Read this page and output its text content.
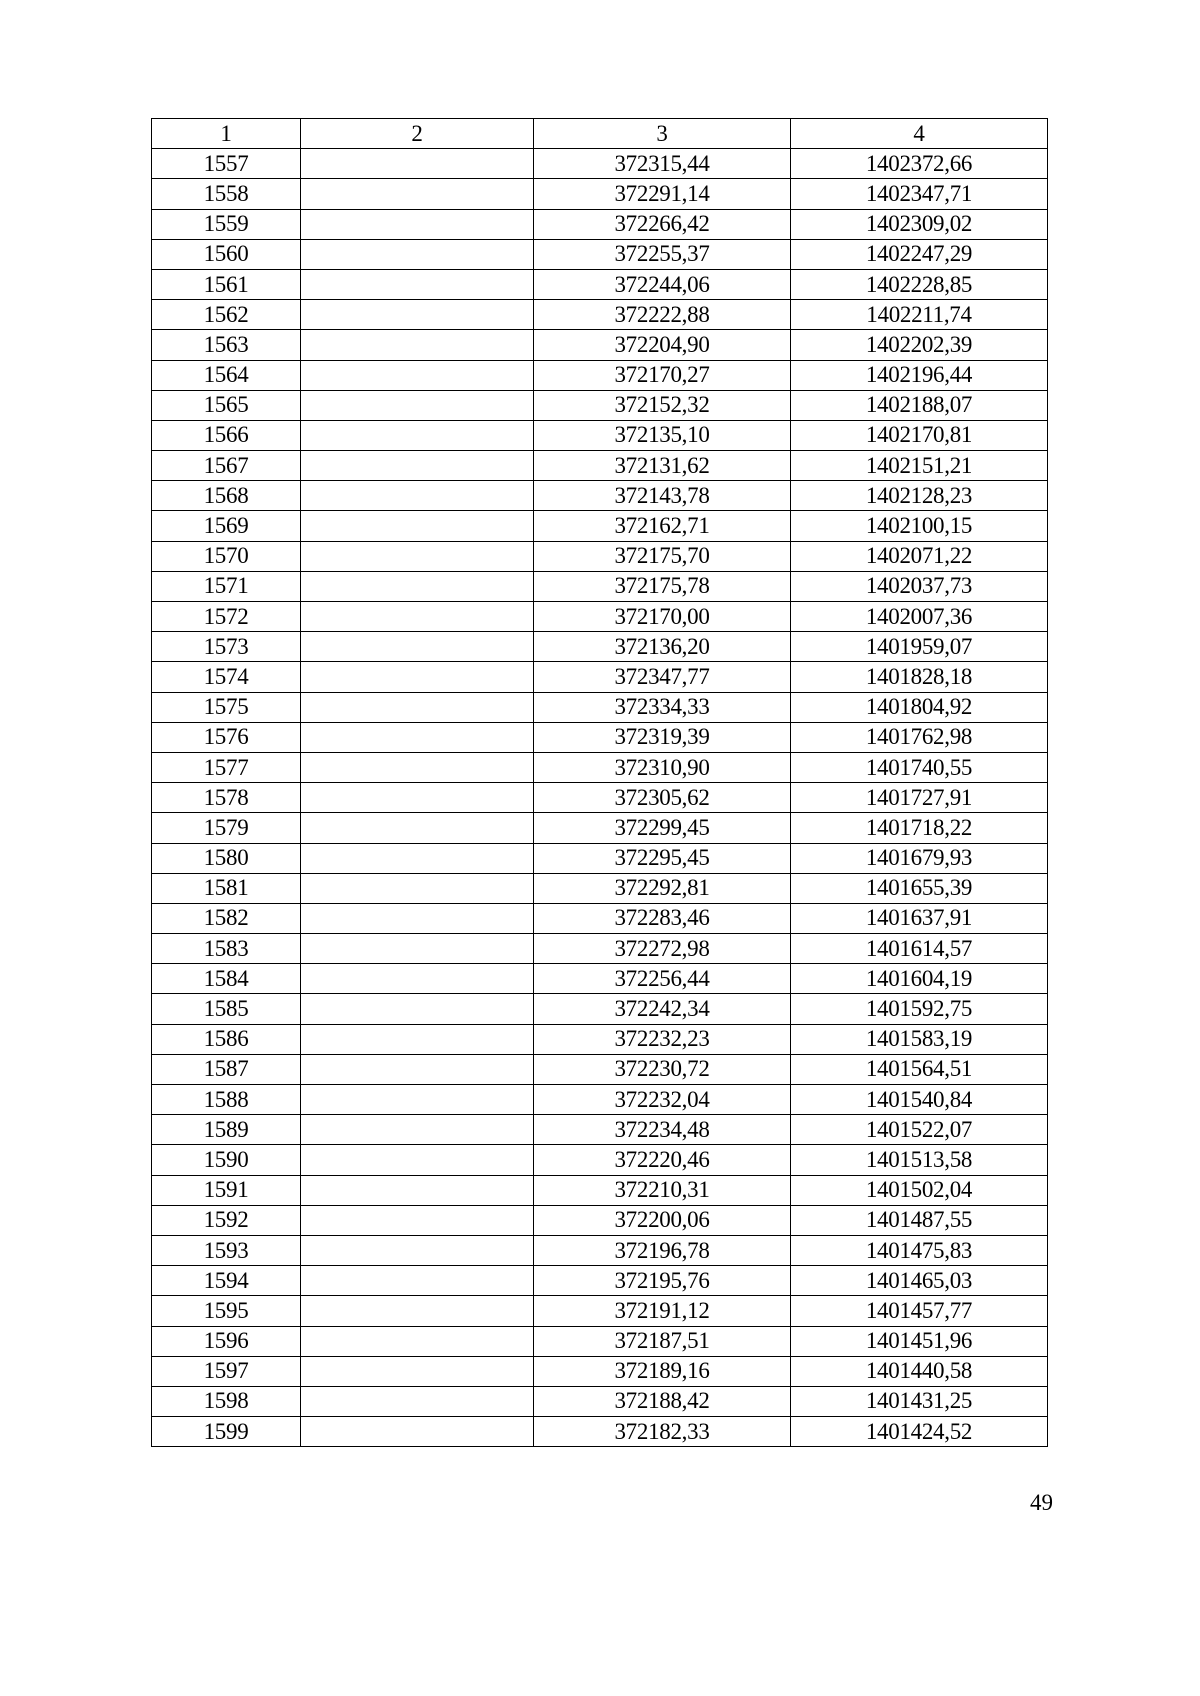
1	2	3	4
1557		372315,44	1402372,66
1558		372291,14	1402347,71
1559		372266,42	1402309,02
1560		372255,37	1402247,29
1561		372244,06	1402228,85
1562		372222,88	1402211,74
1563		372204,90	1402202,39
1564		372170,27	1402196,44
1565		372152,32	1402188,07
1566		372135,10	1402170,81
1567		372131,62	1402151,21
1568		372143,78	1402128,23
1569		372162,71	1402100,15
1570		372175,70	1402071,22
1571		372175,78	1402037,73
1572		372170,00	1402007,36
1573		372136,20	1401959,07
1574		372347,77	1401828,18
1575		372334,33	1401804,92
1576		372319,39	1401762,98
1577		372310,90	1401740,55
1578		372305,62	1401727,91
1579		372299,45	1401718,22
1580		372295,45	1401679,93
1581		372292,81	1401655,39
1582		372283,46	1401637,91
1583		372272,98	1401614,57
1584		372256,44	1401604,19
1585		372242,34	1401592,75
1586		372232,23	1401583,19
1587		372230,72	1401564,51
1588		372232,04	1401540,84
1589		372234,48	1401522,07
1590		372220,46	1401513,58
1591		372210,31	1401502,04
1592		372200,06	1401487,55
1593		372196,78	1401475,83
1594		372195,76	1401465,03
1595		372191,12	1401457,77
1596		372187,51	1401451,96
1597		372189,16	1401440,58
1598		372188,42	1401431,25
1599		372182,33	1401424,52
49
